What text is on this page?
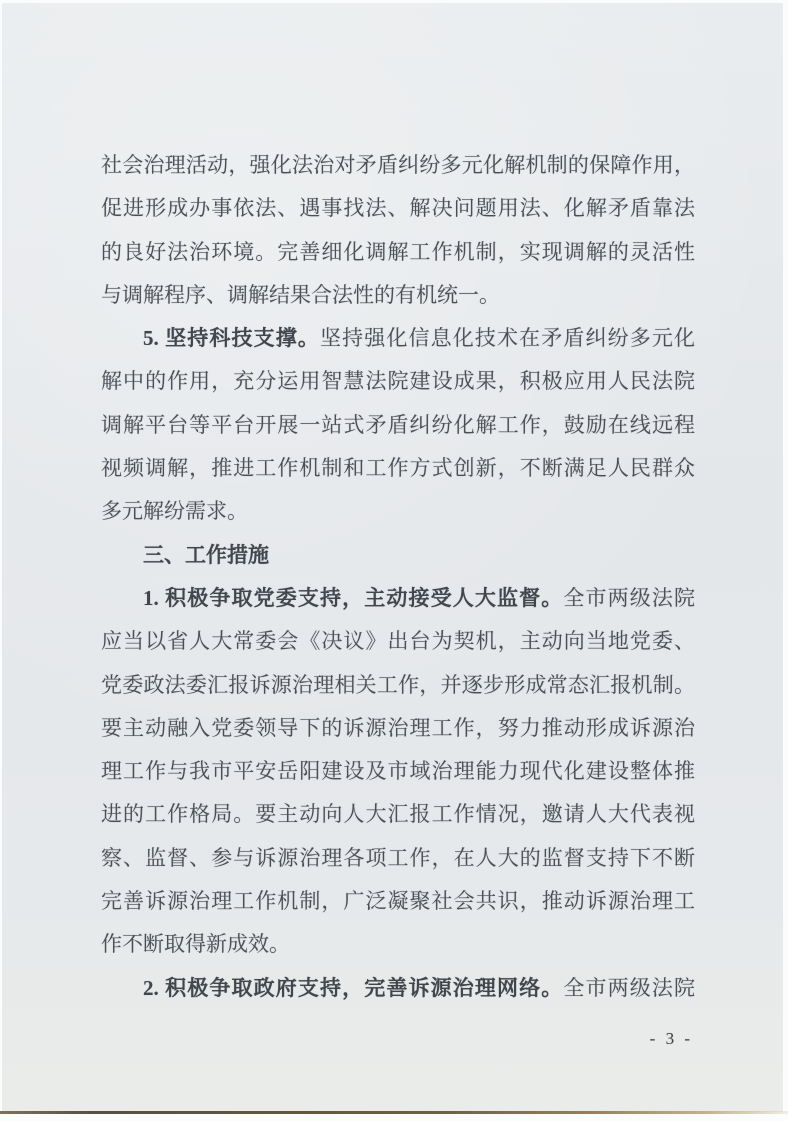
社会治理活动，强化法治对矛盾纠纷多元化解机制的保障作用，
促进形成办事依法、遇事找法、解决问题用法、化解矛盾靠法
的良好法治环境。完善细化调解工作机制，实现调解的灵活性
与调解程序、调解结果合法性的有机统一。
5. 坚持科技支撑。坚持强化信息化技术在矛盾纠纷多元化
解中的作用，充分运用智慧法院建设成果，积极应用人民法院
调解平台等平台开展一站式矛盾纠纷化解工作，鼓励在线远程
视频调解，推进工作机制和工作方式创新，不断满足人民群众
多元解纷需求。
三、工作措施
1. 积极争取党委支持，主动接受人大监督。全市两级法院
应当以省人大常委会《决议》出台为契机，主动向当地党委、
党委政法委汇报诉源治理相关工作，并逐步形成常态汇报机制。
要主动融入党委领导下的诉源治理工作，努力推动形成诉源治
理工作与我市平安岳阳建设及市域治理能力现代化建设整体推
进的工作格局。要主动向人大汇报工作情况，邀请人大代表视
察、监督、参与诉源治理各项工作，在人大的监督支持下不断
完善诉源治理工作机制，广泛凝聚社会共识，推动诉源治理工
作不断取得新成效。
2. 积极争取政府支持，完善诉源治理网络。全市两级法院
- 3 -
